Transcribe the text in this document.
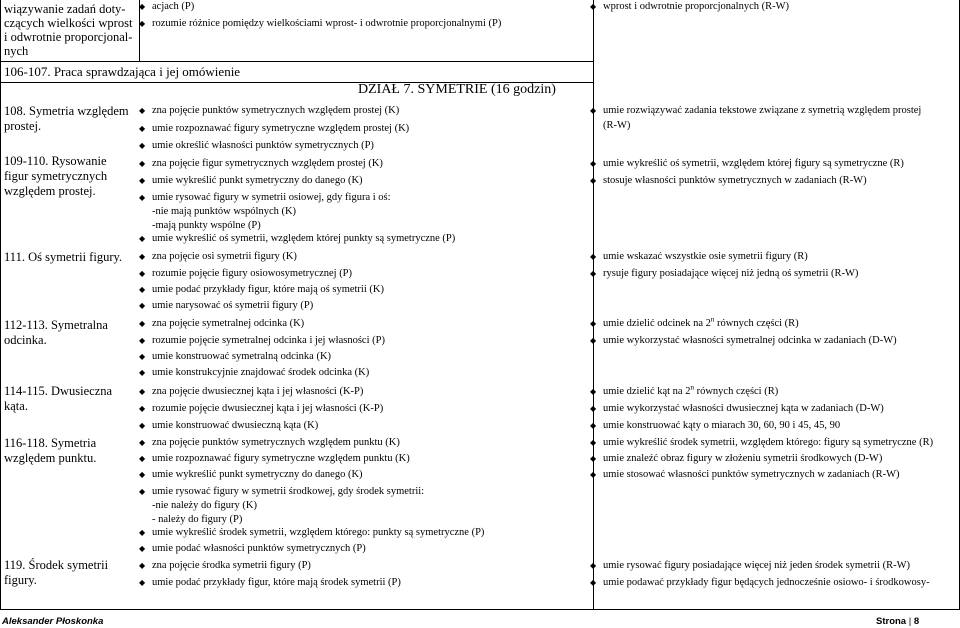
wiązywanie zadań doty-
czących wielkości wprost
i odwrotnie proporcjonal-
nych
◆ acjach (P)
◆ rozumie różnice pomiędzy wielkościami wprost- i odwrotnie proporcjonalnymi (P)
◆ wprost i odwrotnie proporcjonalnych (R-W)
106-107. Praca sprawdzająca i jej omówienie
DZIAŁ 7. SYMETRIE (16 godzin)
108. Symetria względem
prostej.
◆ zna pojęcie punktów symetrycznych względem prostej (K)
◆ umie rozpoznawać figury symetryczne względem prostej (K)
◆ umie określić własności punktów symetrycznych (P)
◆ umie rozwiązywać zadania tekstowe związane z symetrią względem prostej
(R-W)
109-110. Rysowanie
figur symetrycznych
względem prostej.
◆ zna pojęcie figur symetrycznych względem prostej (K)
◆ umie wykreślić punkt symetryczny do danego (K)
◆ umie rysować figury w symetrii osiowej, gdy figura i oś:
-nie mają punktów wspólnych (K)
-mają punkty wspólne (P)
◆ umie wykreślić oś symetrii, względem której punkty są symetryczne (P)
◆ umie wykreślić oś symetrii, względem której figury są symetryczne (R)
◆ stosuje własności punktów symetrycznych w zadaniach (R-W)
111. Oś symetrii figury.
◆	zna pojęcie osi symetrii figury (K)
◆ rozumie pojęcie figury osiowosymetrycznej (P)
◆ umie podać przykłady figur, które mają oś symetrii (K)
◆ umie narysować oś symetrii figury (P)
◆ umie wskazać wszystkie osie symetrii figury (R)
◆ rysuje figury posiadające więcej niż jedną oś symetrii (R-W)
112-113. Symetralna
odcinka.
◆ zna pojęcie symetralnej odcinka (K)
◆ rozumie pojęcie symetralnej odcinka i jej własności (P)
◆ umie konstruować symetralną odcinka (K)
◆ umie konstrukcyjnie znajdować środek odcinka (K)
◆ umie dzielić odcinek na 2$^n$ równych części (R)
◆ umie wykorzystać własności symetralnej odcinka w zadaniach (D-W)
114-115. Dwusieczna
kąta.
◆ zna pojęcie dwusiecznej kąta i jej własności (K-P)
◆ rozumie pojęcie dwusiecznej kąta i jej własności (K-P)
◆ umie konstruować dwusieczną kąta (K)
◆ umie dzielić kąt na 2$^n$ równych części (R)
◆ umie wykorzystać własności dwusiecznej kąta w zadaniach (D-W)
◆ umie konstruować kąty o miarach 30, 60, 90 i 45, 45, 90
116-118. Symetria
względem punktu.
◆ zna pojęcie punktów symetrycznych względem punktu (K)
◆ umie rozpoznawać figury symetryczne względem punktu (K)
◆ umie wykreślić punkt symetryczny do danego (K)
◆ umie rysować figury w symetrii środkowej, gdy środek symetrii:
-nie należy do figury (K)
- należy do figury (P)
◆ umie wykreślić środek symetrii, względem którego: punkty są symetryczne (P)
◆ umie podać własności punktów symetrycznych (P)
◆ umie wykreślić środek symetrii, względem którego: figury są symetryczne (R)
◆ umie znaleźć obraz figury w złożeniu symetrii środkowych (D-W)
◆ umie stosować własności punktów symetrycznych w zadaniach (R-W)
119. Środek symetrii
figury.
◆ zna pojęcie środka symetrii figury (P)
◆ umie podać przykłady figur, które mają środek symetrii (P)
◆ umie rysować figury posiadające więcej niż jeden środek symetrii (R-W)
◆ umie podawać przykłady figur będących jednocześnie osiowo- i środkowosy-
Aleksander Płoskonka	Strona | 8
